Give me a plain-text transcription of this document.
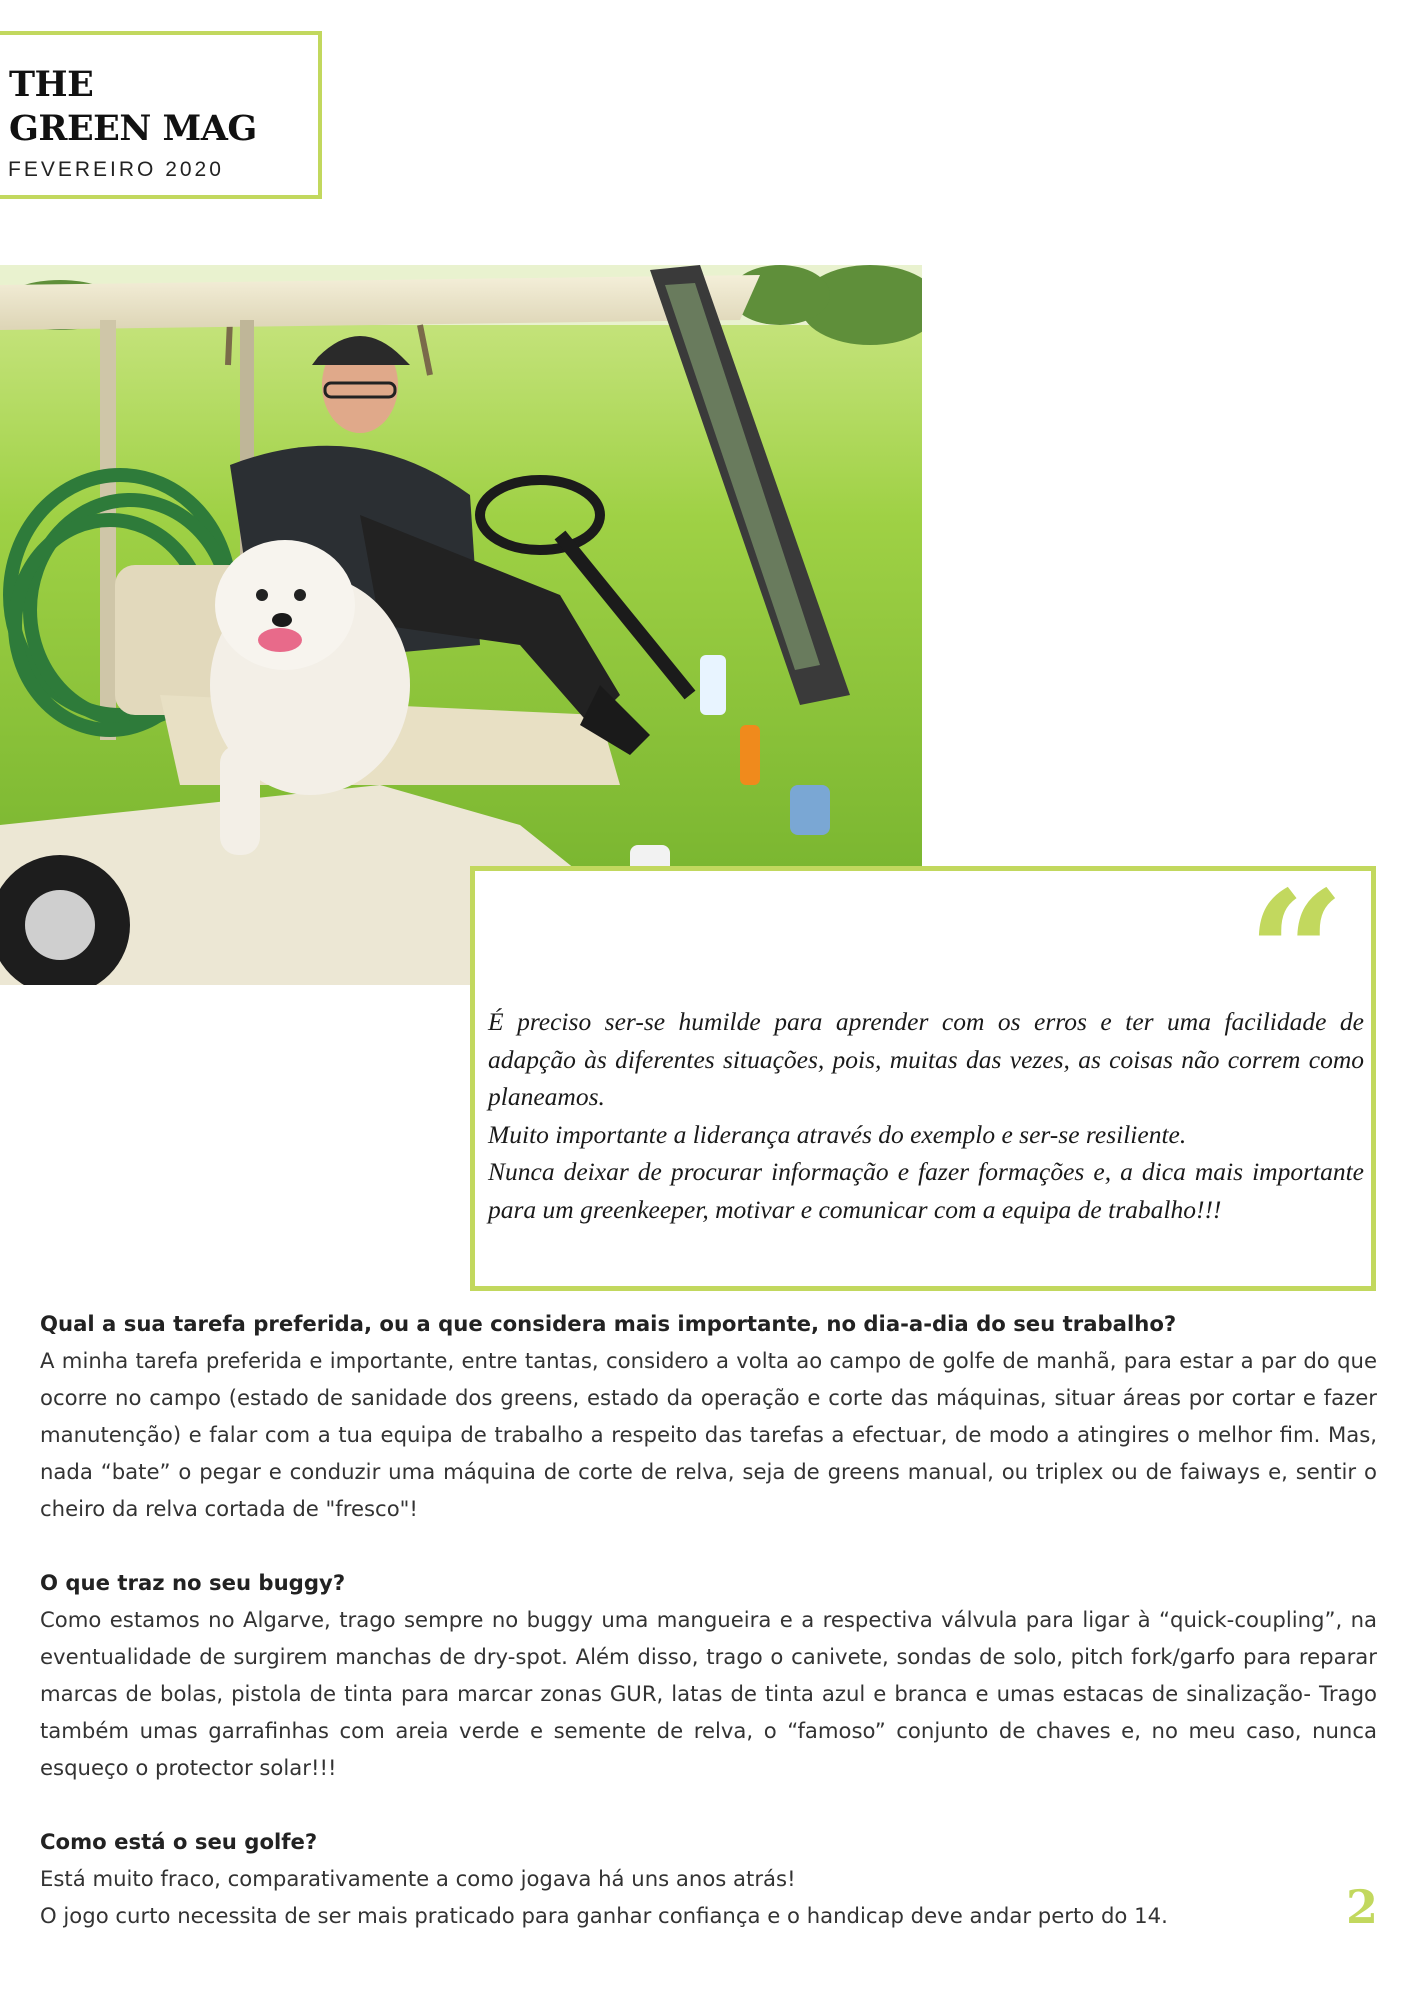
THE
GREEN MAG
FEVEREIRO 2020
“

É preciso ser-se humilde para aprender com os erros e ter uma facilidade de adapção às diferentes situações, pois, muitas das vezes, as coisas não correm como planeamos.

Muito importante a liderança através do exemplo e ser-se resiliente.

Nunca deixar de procurar informação e fazer formações e, a dica mais importante para um greenkeeper, motivar e comunicar com a equipa de trabalho!!!

Qual a sua tarefa preferida, ou a que considera mais importante, no dia-a-dia do seu trabalho?

A minha tarefa preferida e importante, entre tantas, considero a volta ao campo de golfe de manhã, para estar a par do que ocorre no campo (estado de sanidade dos greens, estado da operação e corte das máquinas, situar áreas por cortar e fazer manutenção) e falar com a tua equipa de trabalho a respeito das tarefas a efectuar, de modo a atingires o melhor fim. Mas, nada “bate” o pegar e conduzir uma máquina de corte de relva, seja de greens manual, ou triplex ou de faiways e, sentir o cheiro da relva cortada de "fresco"!

O que traz no seu buggy?

Como estamos no Algarve, trago sempre no buggy uma mangueira e a respectiva válvula para ligar à “quick-coupling”, na eventualidade de surgirem manchas de dry-spot. Além disso, trago o canivete, sondas de solo, pitch fork/garfo para reparar marcas de bolas, pistola de tinta para marcar zonas GUR, latas de tinta azul e branca e umas estacas de sinalização- Trago também umas garrafinhas com areia verde e semente de relva, o “famoso” conjunto de chaves e, no meu caso, nunca esqueço o protector solar!!!

Como está o seu golfe?

Está muito fraco, comparativamente a como jogava há uns anos atrás!

O jogo curto necessita de ser mais praticado para ganhar confiança e o handicap deve andar perto do 14.	2
